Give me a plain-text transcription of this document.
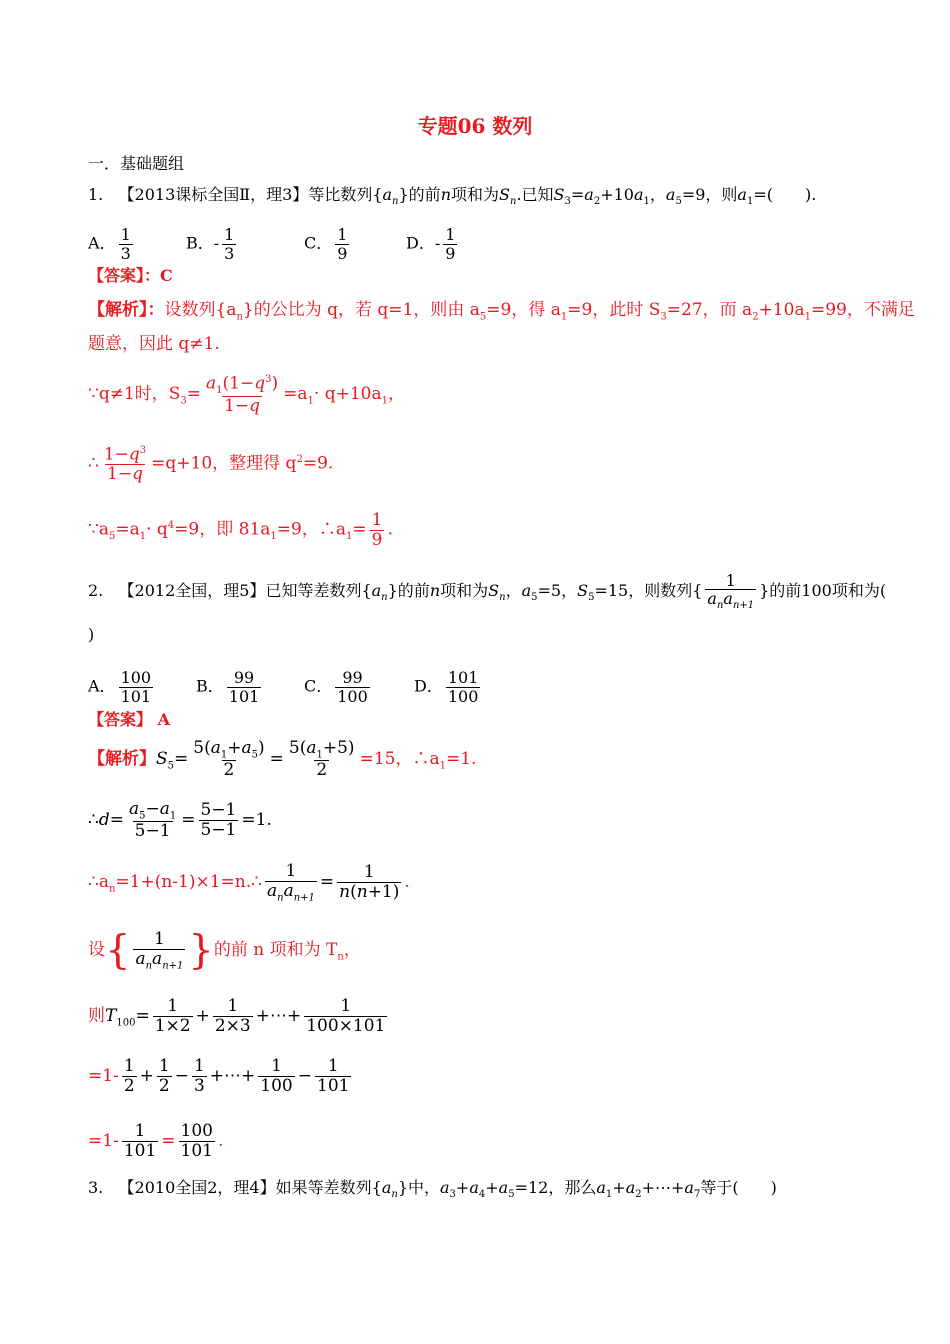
专题06 数列
一．基础题组
1. 【2013课标全国Ⅱ，理3】等比数列$\{a_n\}$的前n项和为$S_n$.已知$S_3=a_2+10a_1$，$a_5=9$，则$a_1=$(　　).
A． $\frac{1}{3}$	B．- $\frac{1}{3}$	C． $\frac{1}{9}$	D．- $\frac{1}{9}$
【答案】：C
【解析】：设数列$\{a_n\}$的公比为 q，若 q=1，则由 $a_5=9$，得 $a_1=9$，此时 $S_3=27$，而 $a_2+10a_1=99$，不满足
题意，因此 q≠1.
∵q≠1时，$S_3= \frac{a_1(1-q^3)}{1-q} =a_1\cdot q+10a_1$，
∴ $\frac{1-q^3}{1-q} =q+10$，整理得 $q^2=9$.
$\because a_5=a_1\cdot q^4=9$，即 $81a_1=9$，$\therefore a_1= \frac{1}{9}$ .
2. 【2012全国，理5】已知等差数列$\{a_n\}$的前n项和为$S_n$，$a_5=5$，$S_5=15$，则数列{ $\frac{1}{a_na_{n+1}}$ }的前100项和为(
)
A． $\frac{100}{101}$	B． $\frac{99}{101}$	C． $\frac{99}{100}$	D． $\frac{101}{100}$
【答案】 A
【解析】$S_5= \frac{5(a_1+a_5)}{2} = \frac{5(a_1+5)}{2} =15$，$\therefore a_1=1$.
∴d= $\frac{a_5-a_1}{5-1} = \frac{5-1}{5-1} =1$.
$\therefore a_n=1+(n-1)\times 1=n.\therefore \frac{1}{a_na_{n+1}} = \frac{1}{n(n+1)}$ .
设{ $\frac{1}{a_na_{n+1}}$ }的前 n 项和为 $T_n$，
则$T_{100}= \frac{1}{1\times 2} + \frac{1}{2\times 3}$ +⋯+ $\frac{1}{100\times 101}$
$=1- \frac{1}{2} + \frac{1}{2} - \frac{1}{3}$ +⋯+ $\frac{1}{100} - \frac{1}{101}$
$=1- \frac{1}{101} = \frac{100}{101}$ .
3. 【2010全国2，理4】如果等差数列$\{a_n\}$中，$a_3+a_4+a_5=12$，那么$a_1+a_2+\cdots+a_7$等于(　　)
